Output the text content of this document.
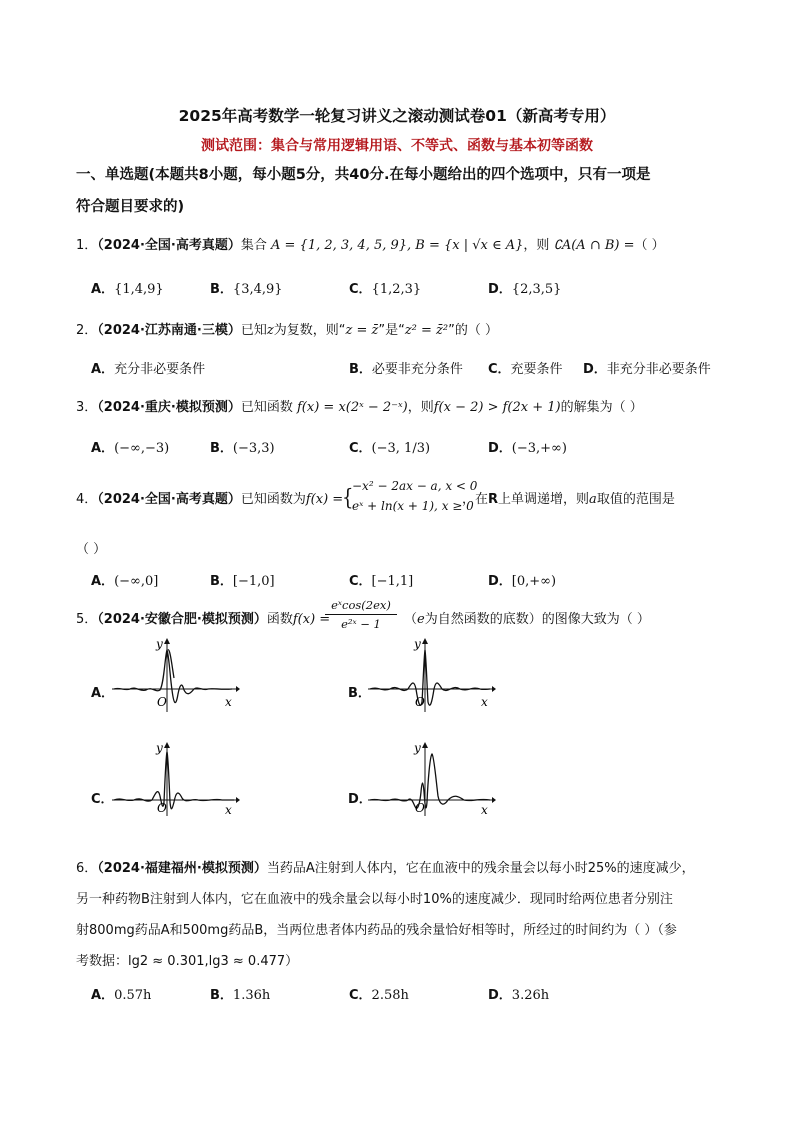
2025年高考数学一轮复习讲义之滚动测试卷01（新高考专用）
测试范围：集合与常用逻辑用语、不等式、函数与基本初等函数
一、单选题(本题共8小题，每小题5分，共40分.在每小题给出的四个选项中，只有一项是
符合题目要求的)
1．（2024·全国·高考真题）集合 A = {1, 2, 3, 4, 5, 9}, B = {x | √x ∈ A}，则 ∁A(A ∩ B) =（ ）
A．{1,4,9}	B．{3,4,9}	C．{1,2,3}	D．{2,3,5}
2．（2024·江苏南通·三模）已知z为复数，则“z = z̄”是“z² = z̄²”的（ ）
A．充分非必要条件	B．必要非充分条件 C．充要条件 D．非充分非必要条件
3．（2024·重庆·模拟预测）已知函数 f(x) = x(2ˣ − 2⁻ˣ)，则f(x − 2) > f(2x + 1)的解集为（ ）
A．(−∞,−3)	B．(−3,3)	C．(−3, 1/3)	D．(−3,+∞)
4．（2024·全国·高考真题）已知函数为f(x) =
{
−x² − 2ax − a, x < 0
eˣ + ln(x + 1), x ≥ 0
，在R上单调递增，则a取值的范围是
（ ）
A．(−∞,0]	B．[−1,0]	C．[−1,1]	D．[0,+∞)
5．（2024·安徽合肥·模拟预测）函数f(x) =
eˣcos(2ex)
e²ˣ − 1	（e为自然函数的底数）的图像大致为（ ）
A．	B．
C．	D．
O	x
y
O	x
y
O	x
y
O	x
y
6．（2024·福建福州·模拟预测）当药品A注射到人体内，它在血液中的残余量会以每小时25%的速度减少，
另一种药物B注射到人体内，它在血液中的残余量会以每小时10%的速度减少．现同时给两位患者分别注
射800mg药品A和500mg药品B，当两位患者体内药品的残余量恰好相等时，所经过的时间约为（ ）（参
考数据：lg2 ≈ 0.301,lg3 ≈ 0.477）
A．0.57h	B．1.36h	C．2.58h	D．3.26h
